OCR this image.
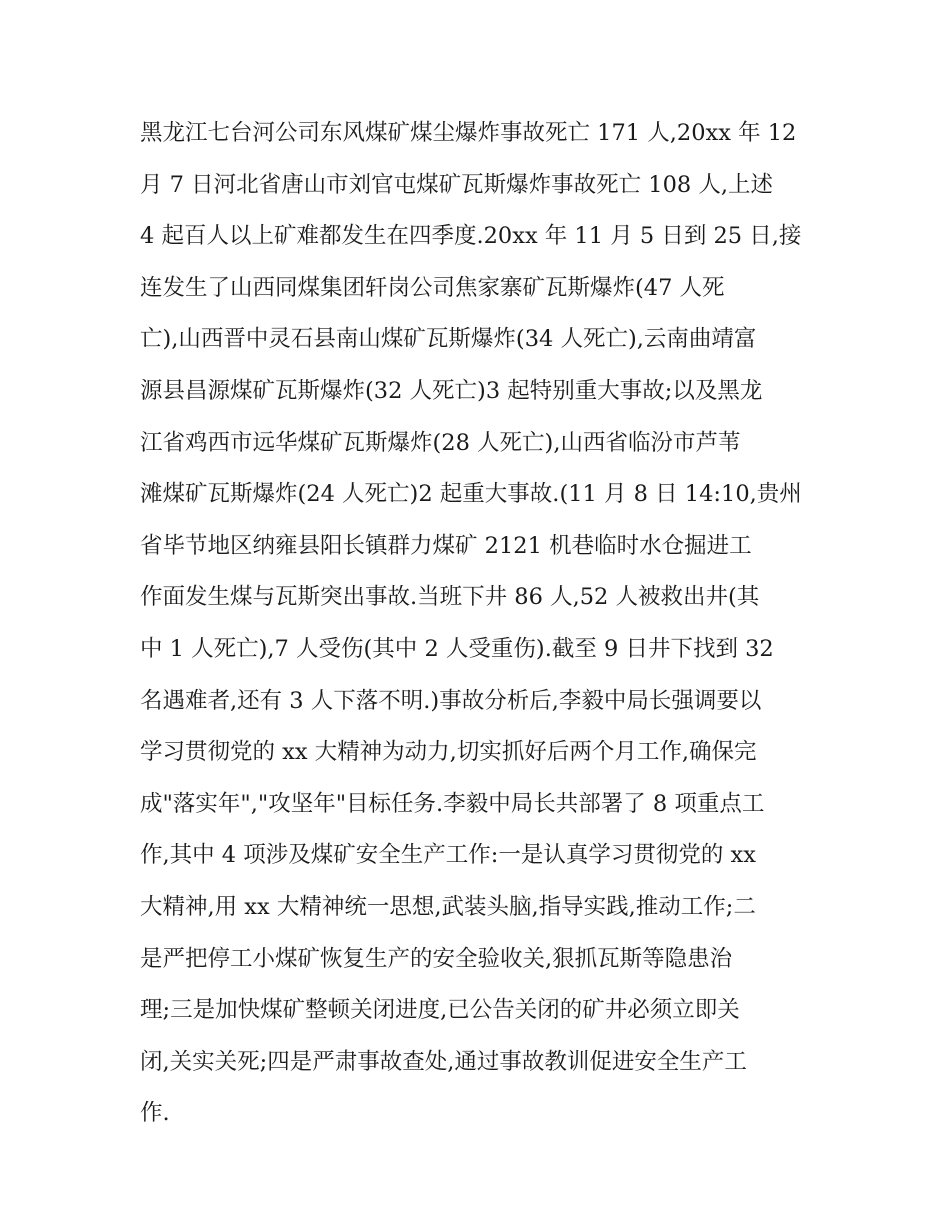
黑龙江七台河公司东风煤矿煤尘爆炸事故死亡 171 人,20xx 年 12
月 7 日河北省唐山市刘官屯煤矿瓦斯爆炸事故死亡 108 人,上述
4 起百人以上矿难都发生在四季度.20xx 年 11 月 5 日到 25 日,接
连发生了山西同煤集团轩岗公司焦家寨矿瓦斯爆炸(47 人死
亡),山西晋中灵石县南山煤矿瓦斯爆炸(34 人死亡),云南曲靖富
源县昌源煤矿瓦斯爆炸(32 人死亡)3 起特别重大事故;以及黑龙
江省鸡西市远华煤矿瓦斯爆炸(28 人死亡),山西省临汾市芦苇
滩煤矿瓦斯爆炸(24 人死亡)2 起重大事故.(11 月 8 日 14:10,贵州
省毕节地区纳雍县阳长镇群力煤矿 2121 机巷临时水仓掘进工
作面发生煤与瓦斯突出事故.当班下井 86 人,52 人被救出井(其
中 1 人死亡),7 人受伤(其中 2 人受重伤).截至 9 日井下找到 32
名遇难者,还有 3 人下落不明.)事故分析后,李毅中局长强调要以
学习贯彻党的 xx 大精神为动力,切实抓好后两个月工作,确保完
成"落实年","攻坚年"目标任务.李毅中局长共部署了 8 项重点工
作,其中 4 项涉及煤矿安全生产工作:一是认真学习贯彻党的 xx
大精神,用 xx 大精神统一思想,武装头脑,指导实践,推动工作;二
是严把停工小煤矿恢复生产的安全验收关,狠抓瓦斯等隐患治
理;三是加快煤矿整顿关闭进度,已公告关闭的矿井必须立即关
闭,关实关死;四是严肃事故查处,通过事故教训促进安全生产工
作.
